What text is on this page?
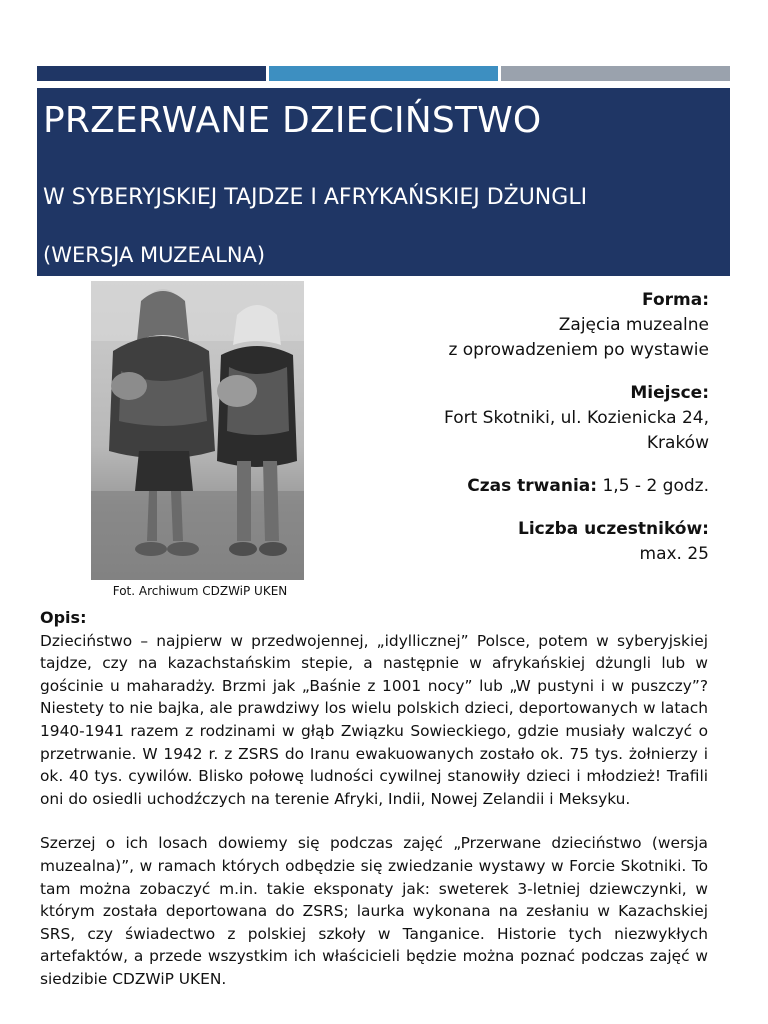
PRZERWANE DZIECIŃSTWO
W SYBERYJSKIEJ TAJDZE I AFRYKAŃSKIEJ DŻUNGLI
(WERSJA MUZEALNA)
Fot. Archiwum CDZWiP UKEN
Forma:
Zajęcia muzealne
z oprowadzeniem po wystawie
Miejsce:
Fort Skotniki, ul. Kozienicka 24,
Kraków
Czas trwania: 1,5 - 2 godz.
Liczba uczestników:
max. 25
Opis:

Dzieciństwo – najpierw w przedwojennej, „idyllicznej” Polsce, potem w syberyjskiej tajdze, czy na kazachstańskim stepie, a następnie w afrykańskiej dżungli lub w gościnie u maharadży. Brzmi jak „Baśnie z 1001 nocy” lub „W pustyni i w puszczy”? Niestety to nie bajka, ale prawdziwy los wielu polskich dzieci, deportowanych w latach 1940-1941 razem z rodzinami w głąb Związku Sowieckiego, gdzie musiały walczyć o przetrwanie. W 1942 r. z ZSRS do Iranu ewakuowanych zostało ok. 75 tys. żołnierzy i ok. 40 tys. cywilów. Blisko połowę ludności cywilnej stanowiły dzieci i młodzież! Trafili oni do osiedli uchodźczych na terenie Afryki, Indii, Nowej Zelandii i Meksyku.

Szerzej o ich losach dowiemy się podczas zajęć „Przerwane dzieciństwo (wersja muzealna)”, w ramach których odbędzie się zwiedzanie wystawy w Forcie Skotniki. To tam można zobaczyć m.in. takie eksponaty jak: sweterek 3-letniej dziewczynki, w którym została deportowana do ZSRS; laurka wykonana na zesłaniu w Kazachskiej SRS, czy świadectwo z polskiej szkoły w Tanganice. Historie tych niezwykłych artefaktów, a przede wszystkim ich właścicieli będzie można poznać podczas zajęć w siedzibie CDZWiP UKEN.
